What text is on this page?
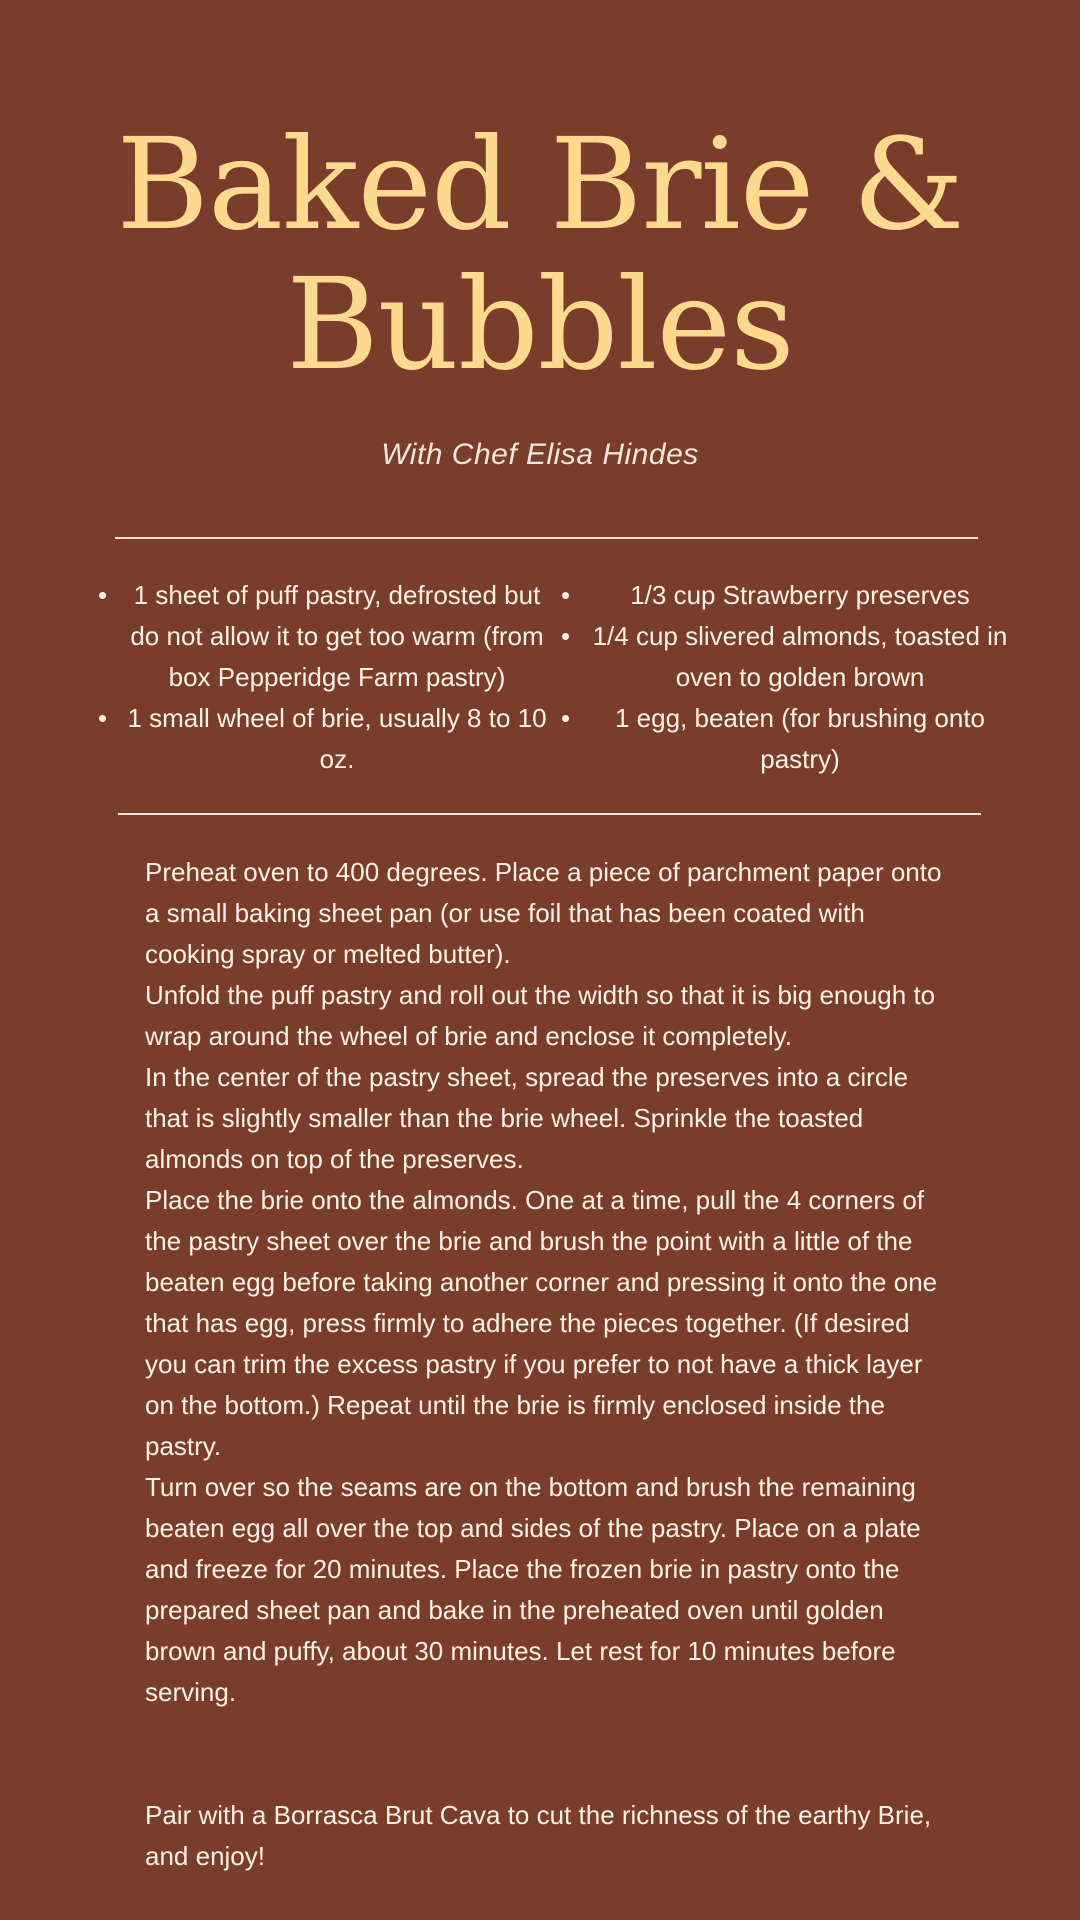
Baked Brie &
Bubbles
With Chef Elisa Hindes
• 1 sheet of puff pastry, defrosted but do not allow it to get too warm (from box Pepperidge Farm pastry)
• 1 small wheel of brie, usually 8 to 10 oz.
• 1/3 cup Strawberry preserves
• 1/4 cup slivered almonds, toasted in oven to golden brown
• 1 egg, beaten (for brushing onto pastry)

Preheat oven to 400 degrees. Place a piece of parchment paper onto a small baking sheet pan (or use foil that has been coated with cooking spray or melted butter).

Unfold the puff pastry and roll out the width so that it is big enough to wrap around the wheel of brie and enclose it completely.

In the center of the pastry sheet, spread the preserves into a circle that is slightly smaller than the brie wheel. Sprinkle the toasted almonds on top of the preserves.

Place the brie onto the almonds. One at a time, pull the 4 corners of the pastry sheet over the brie and brush the point with a little of the beaten egg before taking another corner and pressing it onto the one that has egg, press firmly to adhere the pieces together. (If desired you can trim the excess pastry if you prefer to not have a thick layer on the bottom.) Repeat until the brie is firmly enclosed inside the pastry.

Turn over so the seams are on the bottom and brush the remaining beaten egg all over the top and sides of the pastry. Place on a plate and freeze for 20 minutes. Place the frozen brie in pastry onto the prepared sheet pan and bake in the preheated oven until golden brown and puffy, about 30 minutes. Let rest for 10 minutes before serving.

Pair with a Borrasca Brut Cava to cut the richness of the earthy Brie, and enjoy!
